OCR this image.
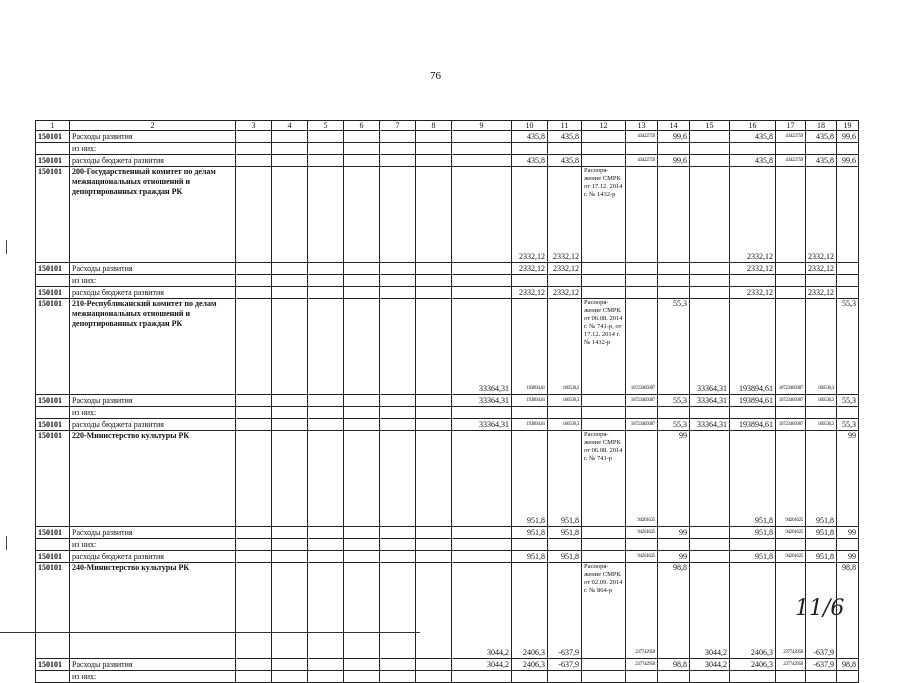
76
1	2	3	4	5	6	7	8	9	10	11	12	13	14	15	16	17	18	19
150101	Расходы развития								435,8	435,8		43422759	99,6		435,8	43422759	435,8	99,6
	из них:																	
150101	расходы бюджета развития								435,8	435,8		43422759	99,6		435,8	43422759	435,8	99,6
150101	200-Государственный комитет по делам межнациональных отношений и депортированных граждан РК								2332,12	2332,12	Распоря-жение СМРК от 17.12. 2014 г. № 1432-р				2332,12		2332,12	
150101	Расходы развития								2332,12	2332,12					2332,12		2332,12	
	из них:																	
150101	расходы бюджета развития								2332,12	2332,12					2332,12		2332,12	
150101	210-Республиканский комитет по делам межнациональных отношений и депортированных граждан РК							33364,31	193894,61	160530,3	Распоря-жение СМРК от 06.08. 2014 г. № 741-р, от 17.12. 2014 г. № 1432-р	10723469387	55,3	33364,31	193894,61	10723469387	160530,3	55,3
150101	Расходы развития							33364,31	193894,61	160530,3		10723469387	55,3	33364,31	193894,61	10723469387	160530,3	55,3
	из них:																	
150101	расходы бюджета развития							33364,31	193894,61	160530,3		10723469387	55,3	33364,31	193894,61	10723469387	160530,3	55,3
150101	220-Министерство культуры РК								951,8	951,8	Распоря-жение СМРК от 06.08. 2014 г. № 741-р	94201625	99		951,8	94201625	951,8	99
150101	Расходы развития								951,8	951,8		94201625	99		951,8	94201625	951,8	99
	из них:																	
150101	расходы бюджета развития								951,8	951,8		94201625	99		951,8	94201625	951,8	99
150101	240-Министерство культуры РК							3044,2	2406,3	-637,9	Распоря-жение СМРК от 02.09. 2014 г. № 864-р	237742950	98,8	3044,2	2406,3	237742950	-637,9	98,8
150101	Расходы развития							3044,2	2406,3	-637,9		237742950	98,8	3044,2	2406,3	237742950	-637,9	98,8
	из них:																	
11/6
